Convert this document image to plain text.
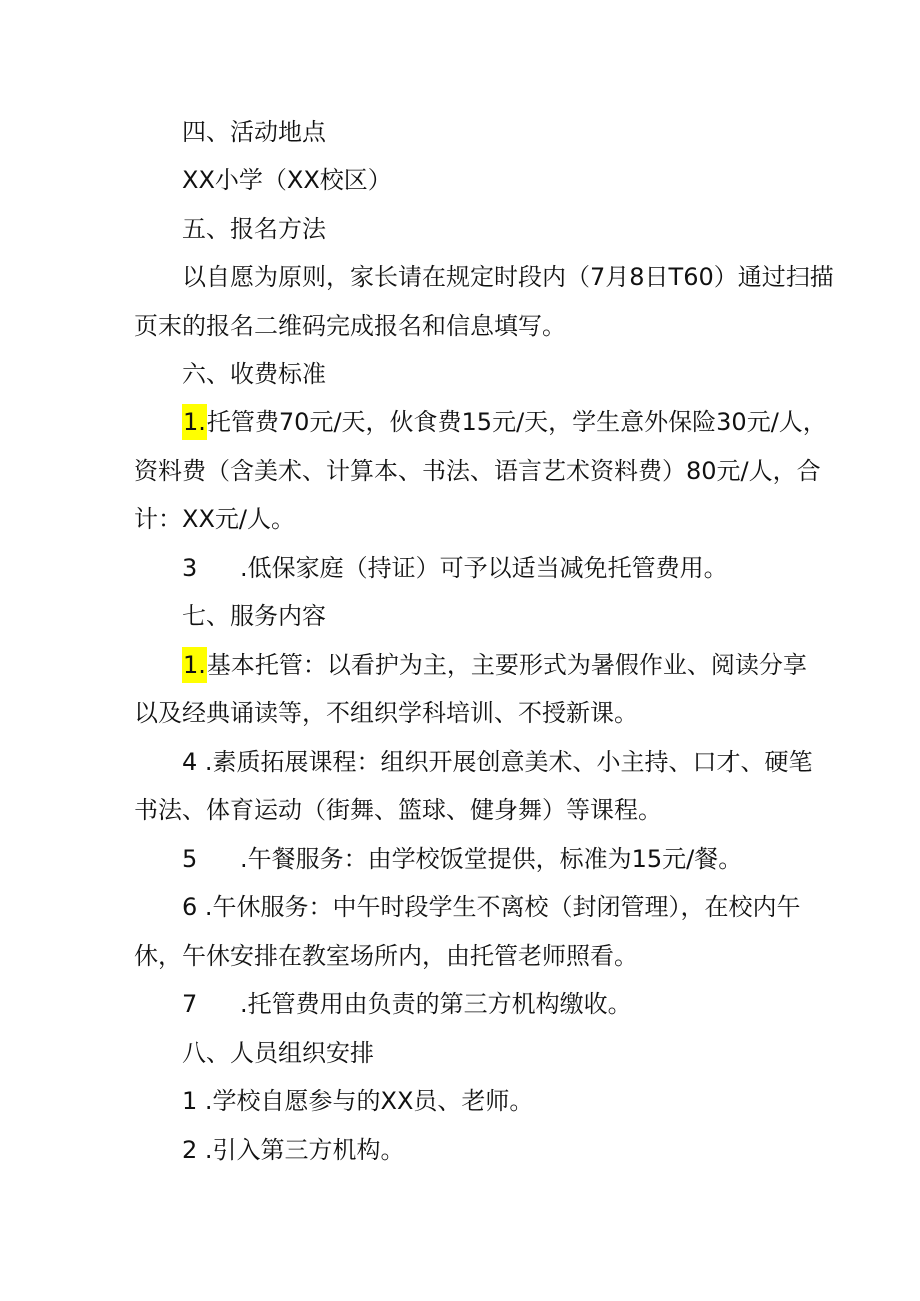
四、活动地点
XX小学（XX校区）
五、报名方法
以自愿为原则，家长请在规定时段内（7月8日T60）通过扫描
页末的报名二维码完成报名和信息填写。
六、收费标准
1.托管费70元/天，伙食费15元/天，学生意外保险30元/人，
资料费（含美术、计算本、书法、语言艺术资料费）80元/人，合
计：XX元/人。
3 .低保家庭（持证）可予以适当减免托管费用。
七、服务内容
1.基本托管：以看护为主，主要形式为暑假作业、阅读分享
以及经典诵读等，不组织学科培训、不授新课。
4 .素质拓展课程：组织开展创意美术、小主持、口才、硬笔
书法、体育运动（街舞、篮球、健身舞）等课程。
5 .午餐服务：由学校饭堂提供，标准为15元/餐。
6 .午休服务：中午时段学生不离校（封闭管理），在校内午
休，午休安排在教室场所内，由托管老师照看。
7 .托管费用由负责的第三方机构缴收。
八、人员组织安排
1 .学校自愿参与的XX员、老师。
2 .引入第三方机构。
